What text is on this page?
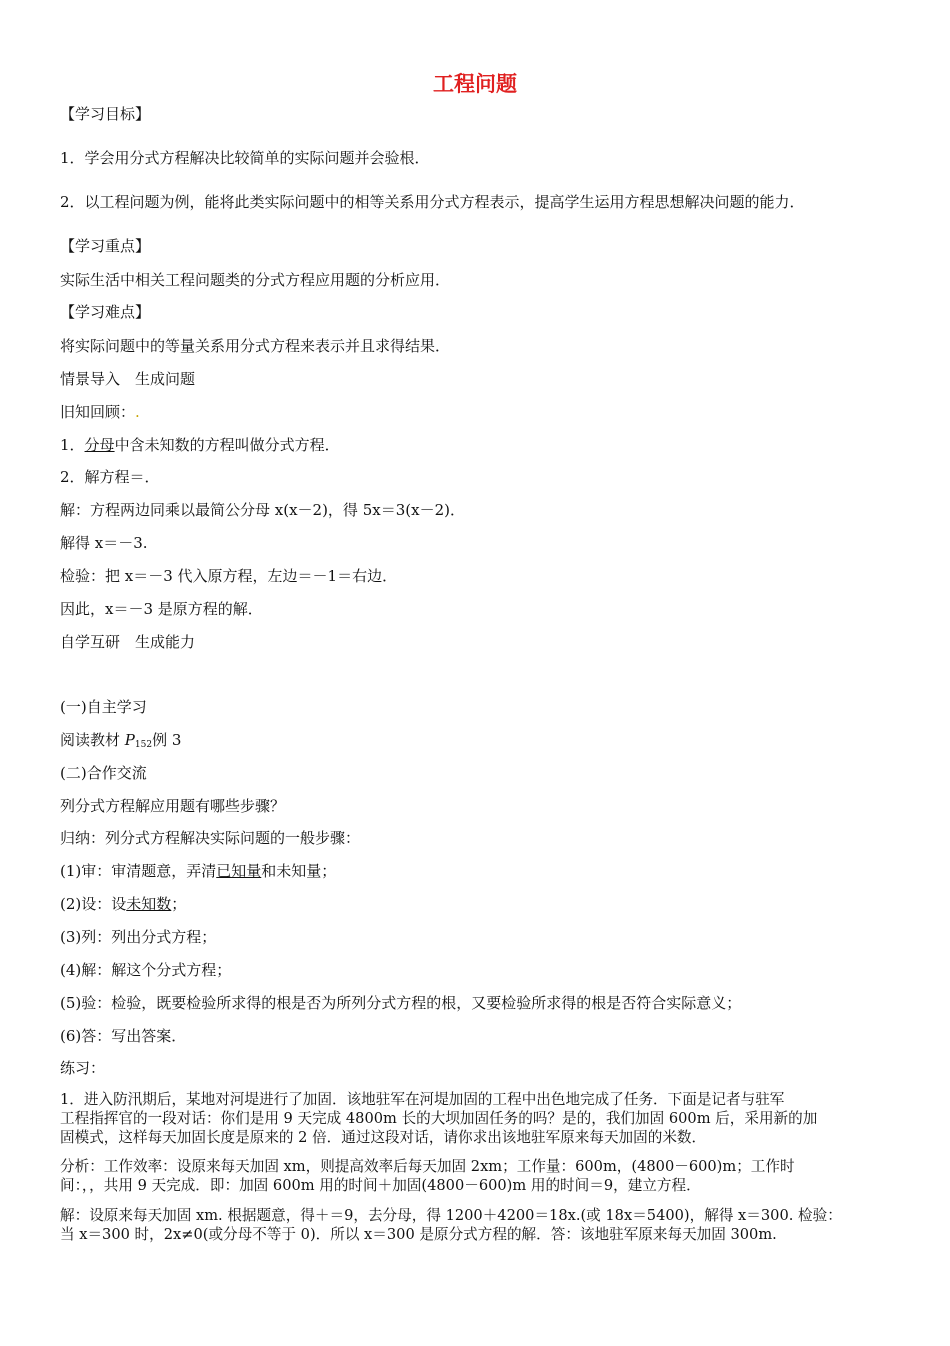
工程问题
【学习目标】
1．学会用分式方程解决比较简单的实际问题并会验根．
2．以工程问题为例，能将此类实际问题中的相等关系用分式方程表示，提高学生运用方程思想解决问题的能力．
【学习重点】
实际生活中相关工程问题类的分式方程应用题的分析应用．
【学习难点】
将实际问题中的等量关系用分式方程来表示并且求得结果．
情景导入　生成问题
旧知回顾：.
1．分母中含未知数的方程叫做分式方程．
2．解方程＝．
解：方程两边同乘以最简公分母 x(x－2)，得 5x＝3(x－2)．
解得 x＝－3.
检验：把 x＝－3 代入原方程，左边＝－1＝右边．
因此，x＝－3 是原方程的解．
自学互研　生成能力
(一)自主学习
阅读教材 $P_{152}$例 3
(二)合作交流
列分式方程解应用题有哪些步骤？
归纳：列分式方程解决实际问题的一般步骤：
(1)审：审清题意，弄清已知量和未知量；
(2)设：设未知数；
(3)列：列出分式方程；
(4)解：解这个分式方程；
(5)验：检验，既要检验所求得的根是否为所列分式方程的根，又要检验所求得的根是否符合实际意义；
(6)答：写出答案．
练习：
1．进入防汛期后，某地对河堤进行了加固．该地驻军在河堤加固的工程中出色地完成了任务．下面是记者与驻军
工程指挥官的一段对话：你们是用 9 天完成 4800m 长的大坝加固任务的吗？是的，我们加固 600m 后，采用新的加
固模式，这样每天加固长度是原来的 2 倍．通过这段对话，请你求出该地驻军原来每天加固的米数．
分析：工作效率：设原来每天加固 xm，则提高效率后每天加固 2xm；工作量：600m，(4800－600)m；工作时
间：，，共用 9 天完成．即：加固 600m 用的时间＋加固(4800－600)m 用的时间＝9，建立方程．
解：设原来每天加固 xm. 根据题意，得＋＝9，去分母，得 1200＋4200＝18x.(或 18x＝5400)，解得 x＝300. 检验：
当 x＝300 时，2x≠0(或分母不等于 0)．所以 x＝300 是原分式方程的解．答：该地驻军原来每天加固 300m.
